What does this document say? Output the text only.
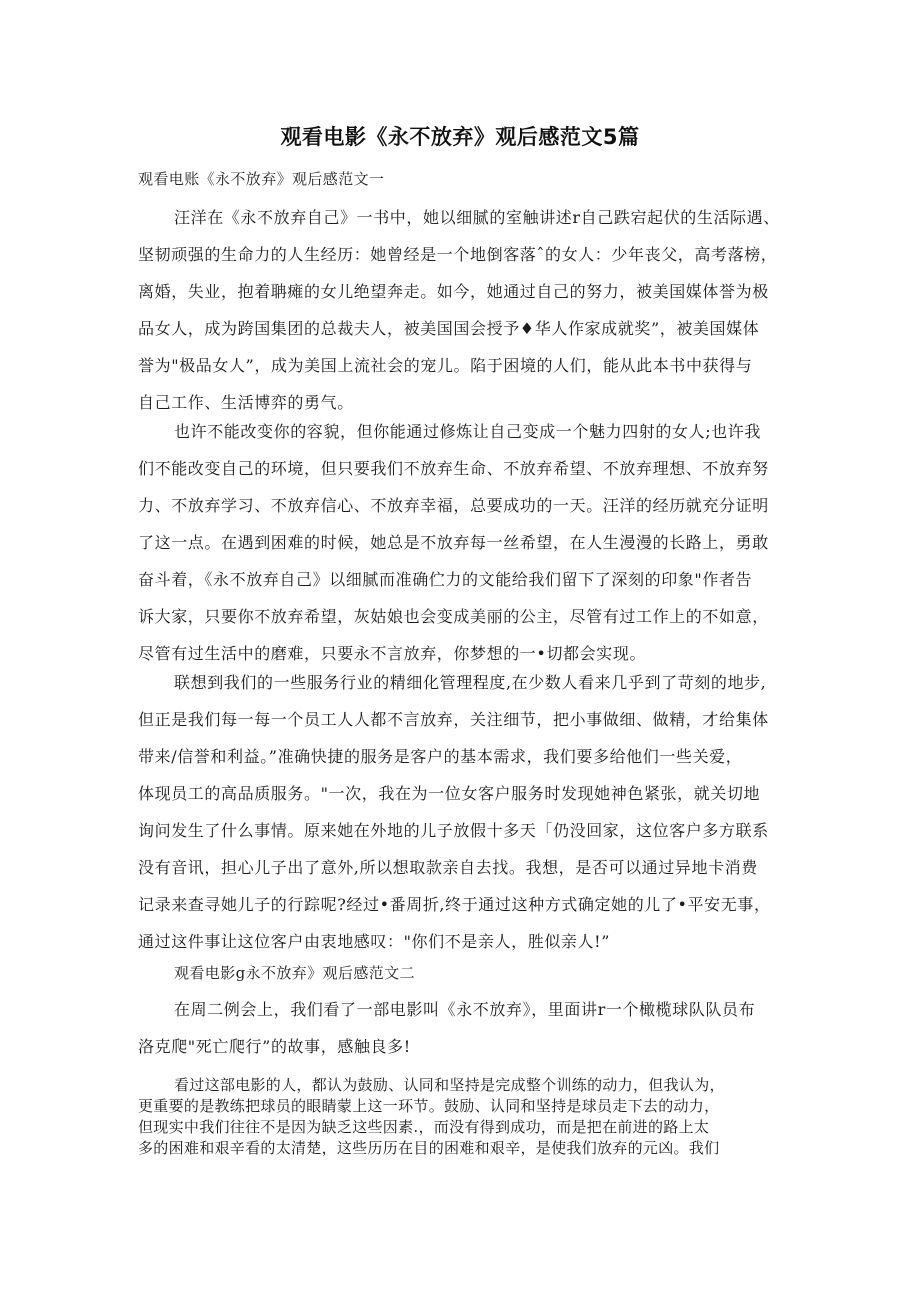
观看电影《永不放弃》观后感范文5篇
观看电账《永不放弃》观后感范文一
汪洋在《永不放弃自己》一书中，她以细腻的室触讲述r自己跌宕起伏的生活际遇、
坚韧顽强的生命力的人生经历：她曾经是一个地倒客落ˆ的女人：少年丧父，高考落榜，
离婚，失业，抱着聃瘫的女儿绝望奔走。如今，她通过自己的努力，被美国媒体誉为极
品女人，成为跨国集团的总裁夫人，被美国国会授予♦华人作家成就奖”，被美国媒体
誉为"极品女人”，成为美国上流社会的宠儿。陷于困境的人们，能从此本书中获得与
自己工作、生活博弈的勇气。
也许不能改变你的容貌，但你能通过修炼让自己变成一个魅力四射的女人;也许我
们不能改变自己的环境，但只要我们不放弃生命、不放弃希望、不放弃理想、不放弃努
力、不放弃学习、不放弃信心、不放弃幸福，总要成功的一天。汪洋的经历就充分证明
了这一点。在遇到困难的时候，她总是不放弃每一丝希望，在人生漫漫的长路上，勇敢
奋斗着，《永不放弃自己》以细腻而准确伫力的文能给我们留下了深刻的印象"作者告
诉大家，只要你不放弃希望，灰姑娘也会变成美丽的公主，尽管有过工作上的不如意，
尽管有过生活中的磨难，只要永不言放弃，你梦想的一•切都会实现。
联想到我们的一些服务行业的精细化管理程度,在少数人看来几乎到了苛刻的地步,
但正是我们每一每一个员工人人都不言放弃，关注细节，把小事做细、做精，才给集体
带来/信誉和利益。”准确快捷的服务是客户的基本需求，我们要多给他们一些关爱，
体现员工的高品质服务。"一次，我在为一位女客户服务时发现她神色紧张，就关切地
询问发生了什么事情。原来她在外地的儿子放假十多天「仍没回家，这位客户多方联系
没有音讯，担心儿子出了意外,所以想取款亲自去找。我想，是否可以通过异地卡消费
记录来查寻她儿子的行踪呢?经过•番周折,终于通过这种方式确定她的儿了•平安无事，
通过这件事让这位客户由衷地感叹："你们不是亲人，胜似亲人!”
观看电影g永不放弃》观后感范文二
在周二例会上，我们看了一部电影叫《永不放弃》，里面讲r一个橄榄球队队员布
洛克爬"死亡爬行”的故事，感触良多!
看过这部电影的人，都认为鼓励、认同和坚持是完成整个训练的动力，但我认为，
更重要的是教练把球员的眼睛蒙上这一环节。鼓励、认同和坚持是球员走下去的动力，
但现实中我们往往不是因为缺乏这些因素.，而没有得到成功，而是把在前进的路上太
多的困难和艰辛看的太清楚，这些历历在目的困难和艰辛，是使我们放弃的元凶。我们
